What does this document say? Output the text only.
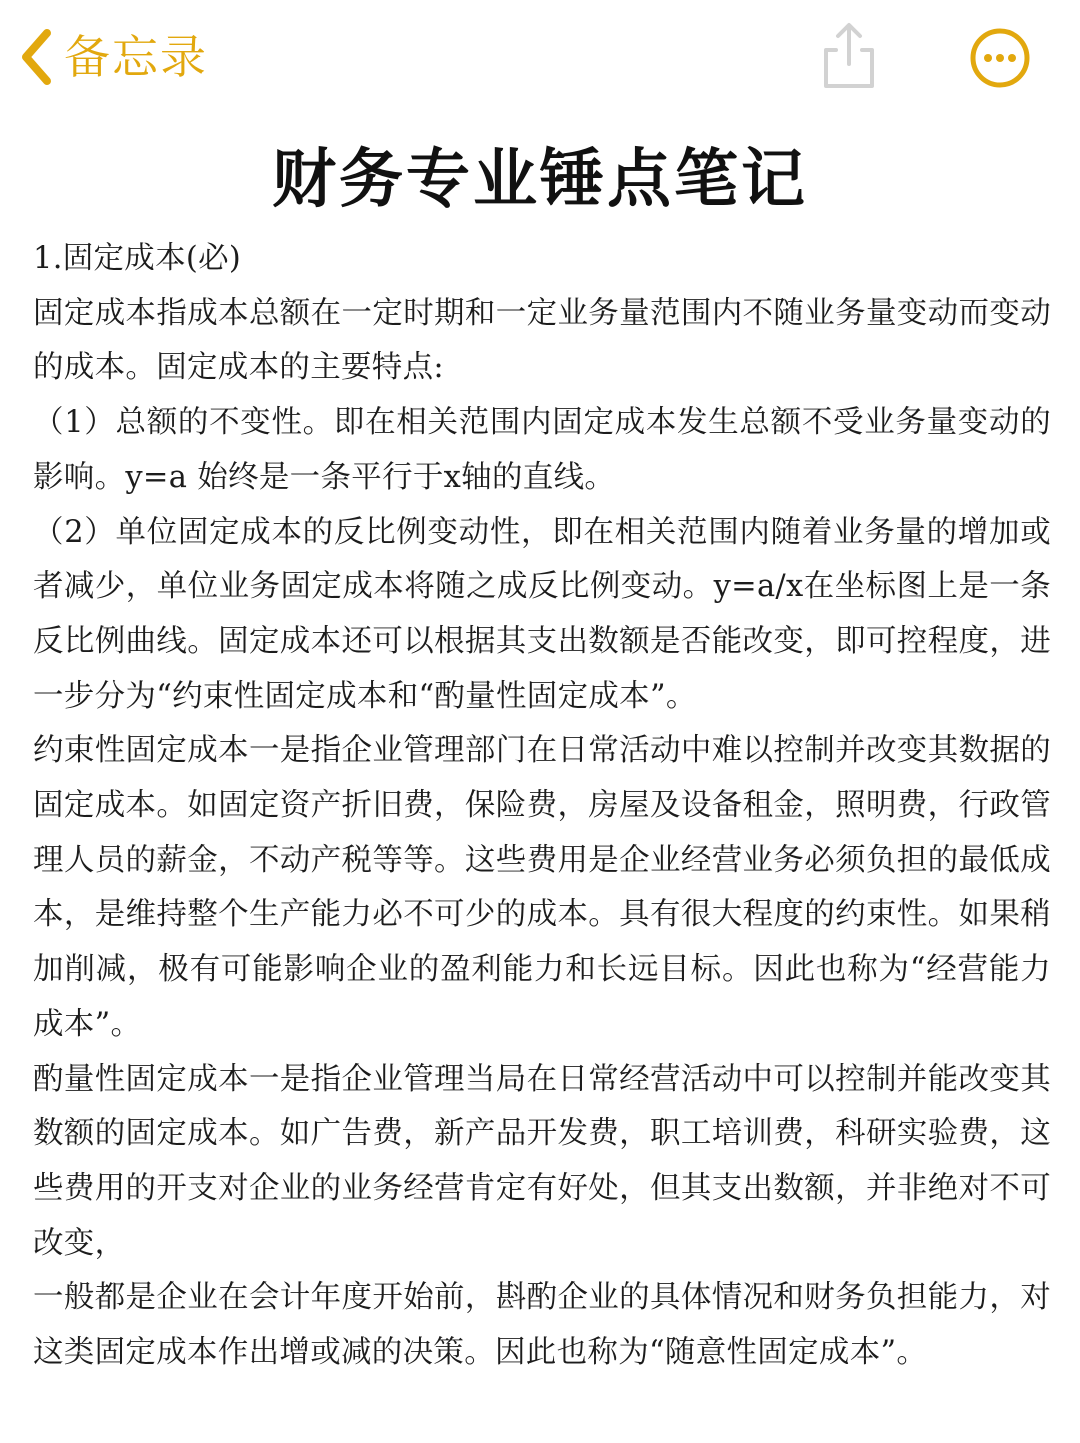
备忘录
财务专业锤点笔记

1.固定成本(必)

固定成本指成本总额在一定时期和一定业务量范围内不随业务量变动而变动的成本。固定成本的主要特点:

（1）总额的不变性。即在相关范围内固定成本发生总额不受业务量变动的影响。y=a 始终是一条平行于x轴的直线。

（2）单位固定成本的反比例变动性，即在相关范围内随着业务量的增加或者减少，单位业务固定成本将随之成反比例变动。y=a/x在坐标图上是一条反比例曲线。固定成本还可以根据其支出数额是否能改变，即可控程度，进一步分为“约束性固定成本和“酌量性固定成本”。

约束性固定成本一是指企业管理部门在日常活动中难以控制并改变其数据的固定成本。如固定资产折旧费，保险费，房屋及设备租金，照明费，行政管理人员的薪金，不动产税等等。这些费用是企业经营业务必须负担的最低成本，是维持整个生产能力必不可少的成本。具有很大程度的约束性。如果稍加削减，极有可能影响企业的盈利能力和长远目标。因此也称为“经营能力成本”。

酌量性固定成本一是指企业管理当局在日常经营活动中可以控制并能改变其数额的固定成本。如广告费，新产品开发费，职工培训费，科研实验费，这些费用的开支对企业的业务经营肯定有好处，但其支出数额，并非绝对不可改变，

一般都是企业在会计年度开始前，斟酌企业的具体情况和财务负担能力，对这类固定成本作出增或减的决策。因此也称为“随意性固定成本”。
